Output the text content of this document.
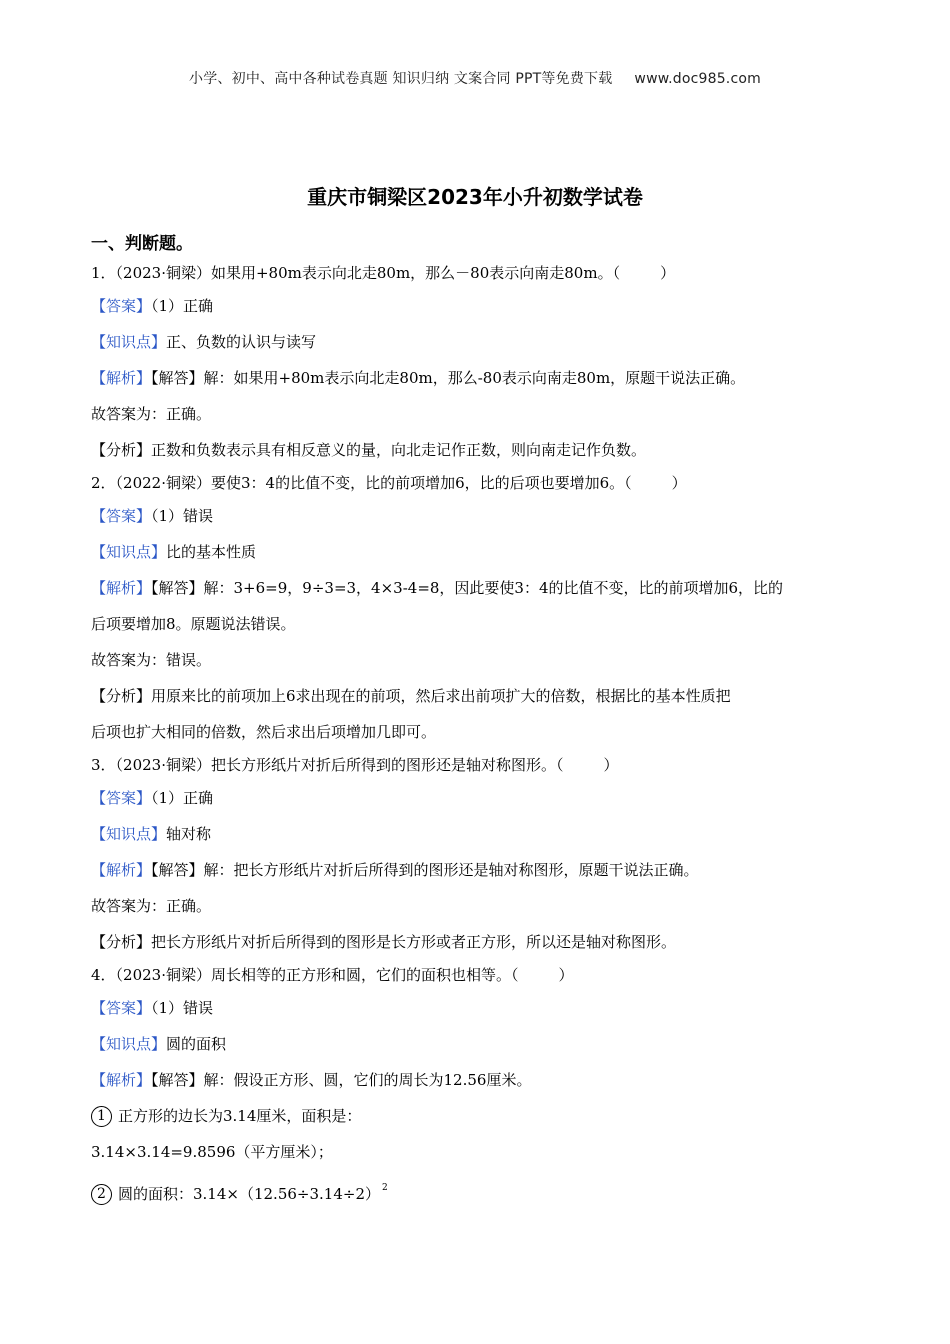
小学、初中、高中各种试卷真题 知识归纳 文案合同 PPT等免费下载 www.doc985.com
重庆市铜梁区2023年小升初数学试卷
一、判断题。
1．（2023·铜梁）如果用+80m表示向北走80m，那么－80表示向南走80m。（	）
【答案】（1）正确
【知识点】正、负数的认识与读写
【解析】【解答】解：如果用+80m表示向北走80m，那么-80表示向南走80m，原题干说法正确。
故答案为：正确。
【分析】正数和负数表示具有相反意义的量，向北走记作正数，则向南走记作负数。
2．（2022·铜梁）要使3：4的比值不变，比的前项增加6，比的后项也要增加6。（	）
【答案】（1）错误
【知识点】比的基本性质
【解析】【解答】解：3+6=9，9÷3=3，4×3-4=8，因此要使3：4的比值不变，比的前项增加6，比的
后项要增加8。原题说法错误。
故答案为：错误。
【分析】用原来比的前项加上6求出现在的前项，然后求出前项扩大的倍数，根据比的基本性质把
后项也扩大相同的倍数，然后求出后项增加几即可。
3．（2023·铜梁）把长方形纸片对折后所得到的图形还是轴对称图形。（	）
【答案】（1）正确
【知识点】轴对称
【解析】【解答】解：把长方形纸片对折后所得到的图形还是轴对称图形，原题干说法正确。
故答案为：正确。
【分析】把长方形纸片对折后所得到的图形是长方形或者正方形，所以还是轴对称图形。
4．（2023·铜梁）周长相等的正方形和圆，它们的面积也相等。（	）
【答案】（1）错误
【知识点】圆的面积
【解析】【解答】解：假设正方形、圆，它们的周长为12.56厘米。
1 正方形的边长为3.14厘米，面积是：
3.14×3.14=9.8596（平方厘米）；
2 圆的面积：3.14×（12.56÷3.14÷2） $^2$
